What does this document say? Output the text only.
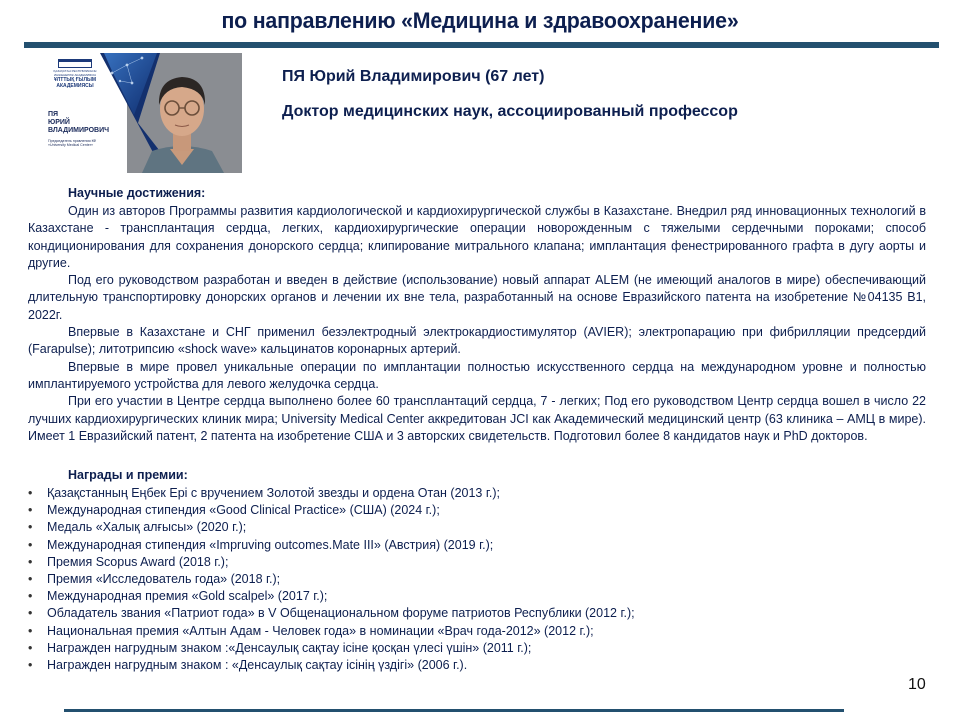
по направлению «Медицина и здравоохранение»
ҚАЗАҚСТАН РЕСПУБЛИКАСЫ
ИНЖЕНЕРЛІК АКАДЕМИЯСЫ
ҰЛТТЫҚ ҒЫЛЫМ
АКАДЕМИЯСЫ
ПЯ
ЮРИЙ
ВЛАДИМИРОВИЧ
Председатель правления КФ
«University Medical Center»
ПЯ Юрий Владимирович (67 лет)
Доктор медицинских наук, ассоциированный профессор
Научные достижения:

Один из авторов Программы развития кардиологической и кардиохирургической службы в Казахстане. Внедрил ряд инновационных технологий в Казахстане - трансплантация сердца, легких, кардиохирургические операции новорожденным с тяжелыми сердечными пороками; способ кондиционирования для сохранения донорского сердца; клипирование митрального клапана; имплантация фенестрированного графта в дугу аорты и другие.

Под его руководством разработан и введен в действие (использование) новый аппарат ALEM (не имеющий аналогов в мире) обеспечивающий длительную транспортировку донорских органов и лечении их вне тела, разработанный на основе Евразийского патента на изобретение №04135 B1, 2022г.

Впервые в Казахстане и СНГ применил безэлектродный электрокардиостимулятор (AVIER); электропарацию при фибрилляции предсердий (Farapulse); литотрипсию «shock wave» кальцинатов коронарных артерий.

Впервые в мире провел уникальные операции по имплантации полностью искусственного сердца на международном уровне и полностью имплантируемого устройства для левого желудочка сердца.

При его участии в Центре сердца выполнено более 60 трансплантаций сердца, 7 - легких; Под его руководством Центр сердца вошел в число 22 лучших кардиохирургических клиник мира; University Medical Center аккредитован JCI как Академический медицинский центр (63 клиника – АМЦ в мире). Имеет 1 Евразийский патент, 2 патента на изобретение США и 3 авторских свидетельств. Подготовил более 8 кандидатов наук и PhD докторов.

Награды и премии:
• Қазақстанның Еңбек Ері с вручением Золотой звезды и ордена Отан (2013 г.);
• Международная стипендия «Good Clinical Practice» (США) (2024 г.);
• Медаль «Халық алғысы» (2020 г.);
• Международная стипендия «Impruving outcomes.Mate III» (Австрия) (2019 г.);
• Премия Scopus Award (2018 г.);
• Премия «Исследователь года» (2018 г.);
• Международная премия «Gold scalpel» (2017 г.);
• Обладатель звания «Патриот года» в V Общенациональном форуме патриотов Республики (2012 г.);
• Национальная премия «Алтын Адам - Человек года» в номинации «Врач года-2012» (2012 г.);
• Награжден нагрудным знаком :«Денсаулық сақтау ісіне қосқан үлесі үшін» (2011 г.);
• Награжден нагрудным знаком : «Денсаулық сақтау ісінің үздігі» (2006 г.).
10
